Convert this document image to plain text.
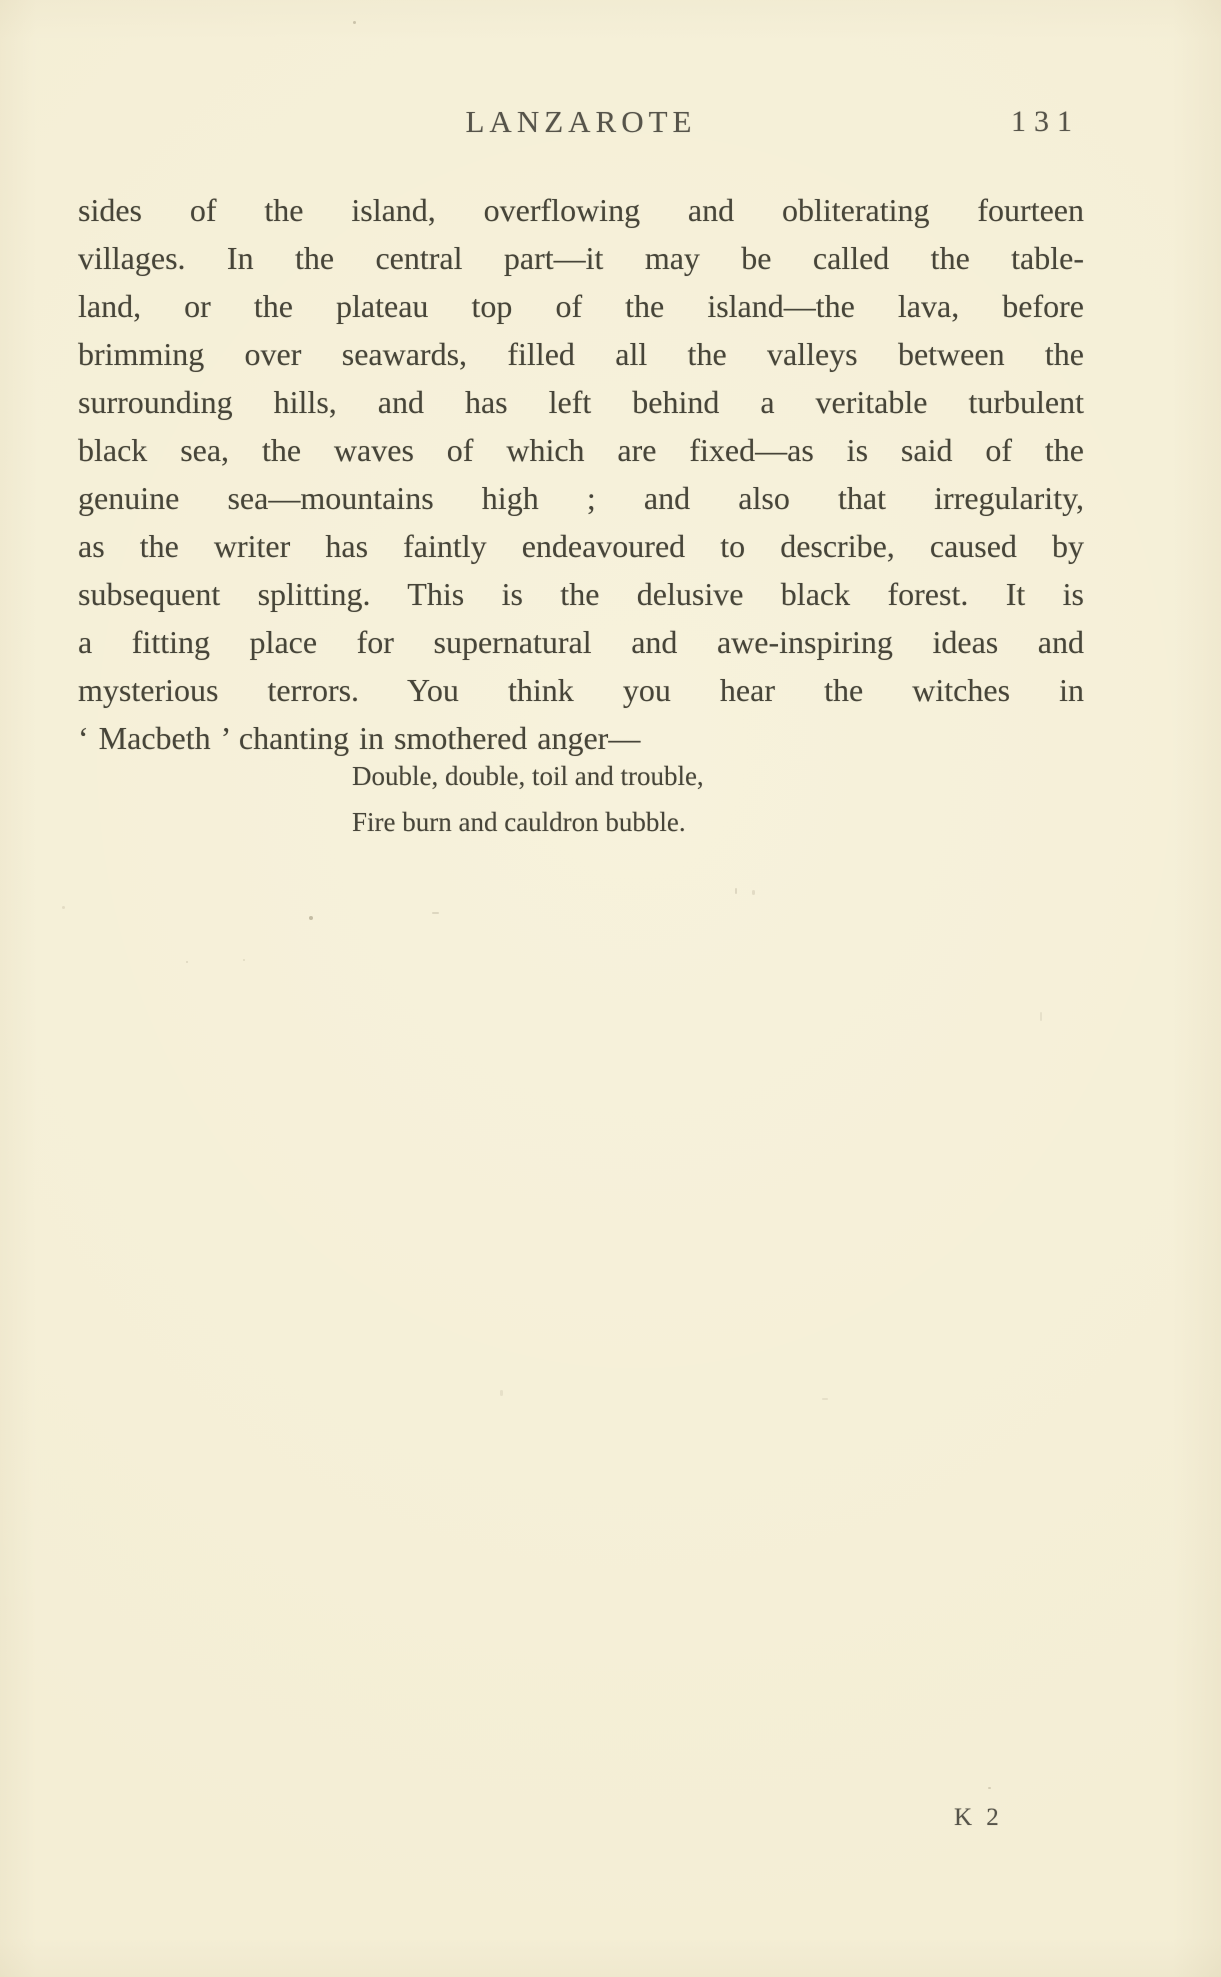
LANZAROTE	131
sides of the island, overflowing and obliterating fourteen
villages. In the central part—it may be called the table-
land, or the plateau top of the island—the lava, before
brimming over seawards, filled all the valleys between the
surrounding hills, and has left behind a veritable turbulent
black sea, the waves of which are fixed—as is said of the
genuine sea—mountains high ; and also that irregularity,
as the writer has faintly endeavoured to describe, caused by
subsequent splitting. This is the delusive black forest. It is
a fitting place for supernatural and awe-inspiring ideas and
mysterious terrors. You think you hear the witches in
‘ Macbeth ’ chanting in smothered anger—
Double, double, toil and trouble,
Fire burn and cauldron bubble.
K 2
